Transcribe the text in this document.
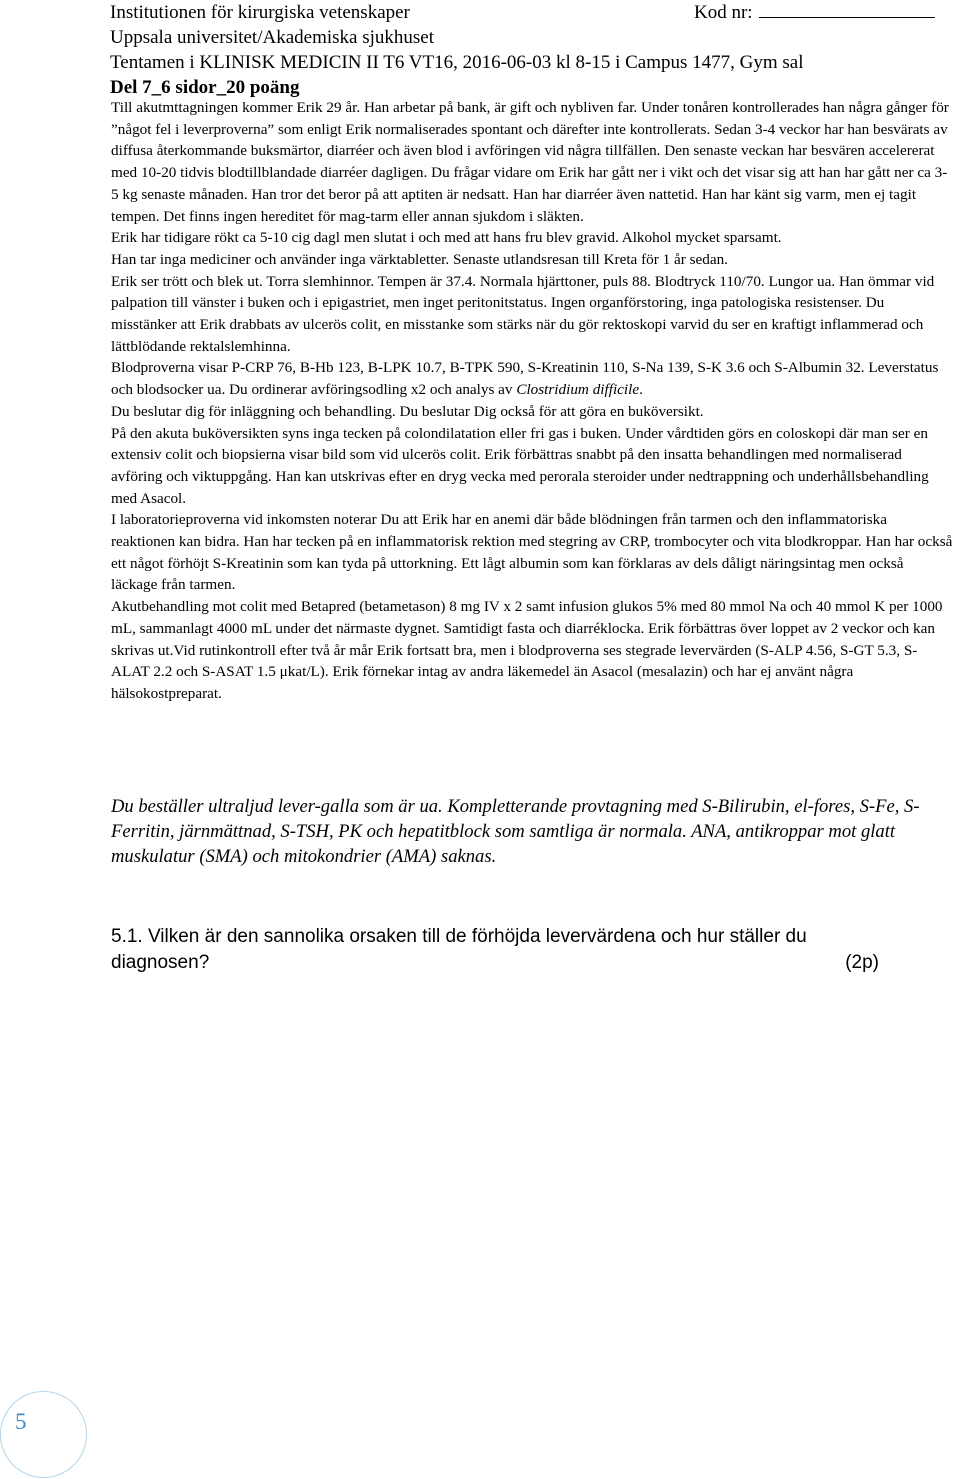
Institutionen för kirurgiska vetenskaper	Kod nr:
Uppsala universitet/Akademiska sjukhuset
Tentamen i KLINISK MEDICIN II T6 VT16, 2016-06-03 kl 8-15 i Campus 1477, Gym sal
Del 7_6 sidor_20 poäng

Till akutmttagningen kommer Erik 29 år. Han arbetar på bank, är gift och nybliven far. Under tonåren kontrollerades han några gånger för ”något fel i leverproverna” som enligt Erik normaliserades spontant och därefter inte kontrollerats. Sedan 3-4 veckor har han besvärats av diffusa återkommande buksmärtor, diarréer och även blod i avföringen vid några tillfällen. Den senaste veckan har besvären accelererat med 10-20 tidvis blodtillblandade diarréer dagligen. Du frågar vidare om Erik har gått ner i vikt och det visar sig att han har gått ner ca 3-5 kg senaste månaden. Han tror det beror på att aptiten är nedsatt. Han har diarréer även nattetid. Han har känt sig varm, men ej tagit tempen. Det finns ingen hereditet för mag-tarm eller annan sjukdom i släkten.

Erik har tidigare rökt ca 5-10 cig dagl men slutat i och med att hans fru blev gravid. Alkohol mycket sparsamt.

Han tar inga mediciner och använder inga värktabletter. Senaste utlandsresan till Kreta för 1 år sedan.

Erik ser trött och blek ut. Torra slemhinnor. Tempen är 37.4. Normala hjärttoner, puls 88. Blodtryck 110/70. Lungor ua. Han ömmar vid palpation till vänster i buken och i epigastriet, men inget peritonitstatus. Ingen organförstoring, inga patologiska resistenser. Du misstänker att Erik drabbats av ulcerös colit, en misstanke som stärks när du gör rektoskopi varvid du ser en kraftigt inflammerad och lättblödande rektalslemhinna.

Blodproverna visar P-CRP 76, B-Hb 123, B-LPK 10.7, B-TPK 590, S-Kreatinin 110, S-Na 139, S-K 3.6 och S-Albumin 32. Leverstatus och blodsocker ua. Du ordinerar avföringsodling x2 och analys av Clostridium difficile.

Du beslutar dig för inläggning och behandling. Du beslutar Dig också för att göra en buköversikt.

På den akuta buköversikten syns inga tecken på colondilatation eller fri gas i buken. Under vårdtiden görs en coloskopi där man ser en extensiv colit och biopsierna visar bild som vid ulcerös colit. Erik förbättras snabbt på den insatta behandlingen med normaliserad avföring och viktuppgång. Han kan utskrivas efter en dryg vecka med perorala steroider under nedtrappning och underhållsbehandling med Asacol.

I laboratorieproverna vid inkomsten noterar Du att Erik har en anemi där både blödningen från tarmen och den inflammatoriska reaktionen kan bidra. Han har tecken på en inflammatorisk rektion med stegring av CRP, trombocyter och vita blodkroppar. Han har också ett något förhöjt S-Kreatinin som kan tyda på uttorkning. Ett lågt albumin som kan förklaras av dels dåligt näringsintag men också läckage från tarmen.

Akutbehandling mot colit med Betapred (betametason) 8 mg IV x 2 samt infusion glukos 5% med 80 mmol Na och 40 mmol K per 1000 mL, sammanlagt 4000 mL under det närmaste dygnet. Samtidigt fasta och diarréklocka. Erik förbättras över loppet av 2 veckor och kan skrivas ut.Vid rutinkontroll efter två år mår Erik fortsatt bra, men i blodproverna ses stegrade levervärden (S-ALP 4.56, S-GT 5.3, S-ALAT 2.2 och S-ASAT 1.5 μkat/L). Erik förnekar intag av andra läkemedel än Asacol (mesalazin) och har ej använt några hälsokostpreparat.

Du beställer ultraljud lever-galla som är ua. Kompletterande provtagning med S-Bilirubin, el-fores, S-Fe, S-Ferritin, järnmättnad, S-TSH, PK och hepatitblock som samtliga är normala. ANA, antikroppar mot glatt muskulatur (SMA) och mitokondrier (AMA) saknas.
5.1. Vilken är den sannolika orsaken till de förhöjda levervärdena och hur ställer du diagnosen?	(2p)
5
